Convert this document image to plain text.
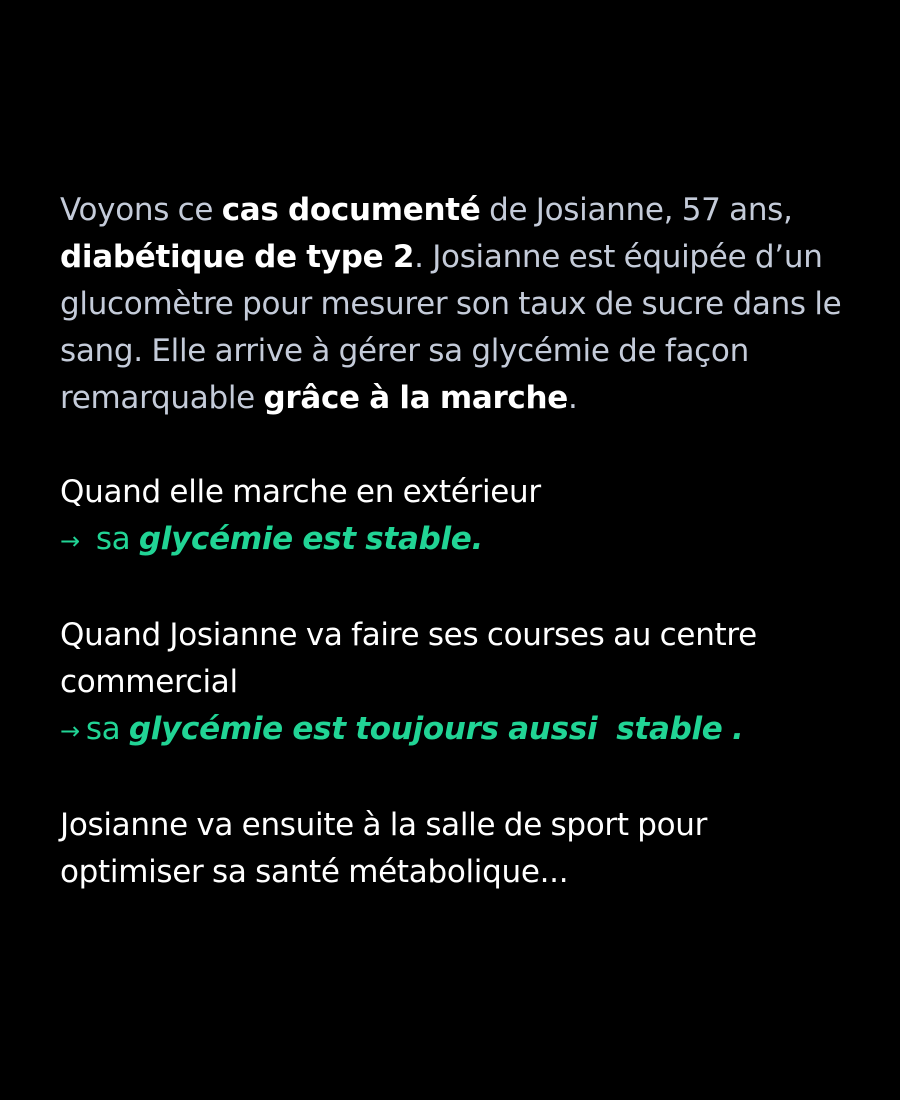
Voyons ce cas documenté de Josianne, 57 ans, diabétique de type 2. Josianne est équipée d’un glucomètre pour mesurer son taux de sucre dans le sang. Elle arrive à gérer sa glycémie de façon remarquable grâce à la marche.

Quand elle marche en extérieur
→ sa glycémie est stable.

Quand Josianne va faire ses courses au centre commercial
→ sa glycémie est toujours aussi  stable .

Josianne va ensuite à la salle de sport pour optimiser sa santé métabolique...
